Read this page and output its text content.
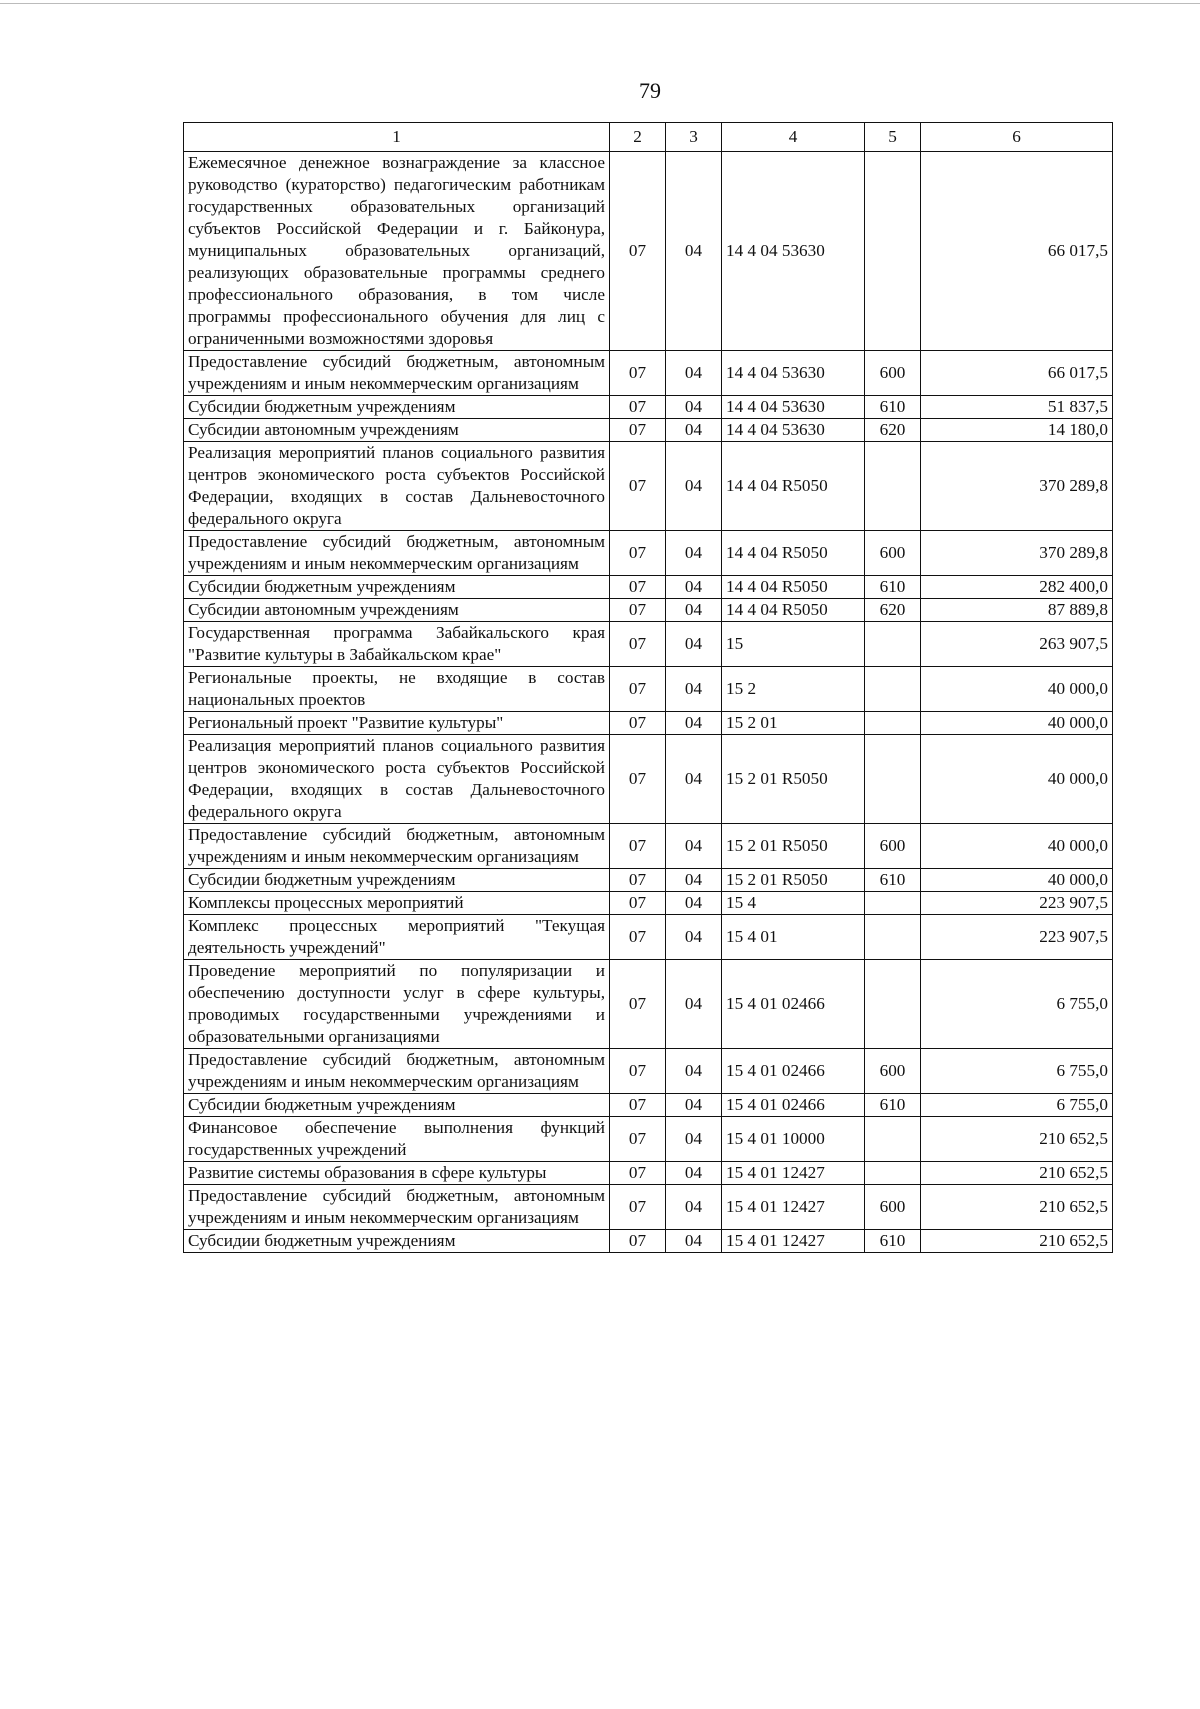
79
1	2	3	4	5	6
Ежемесячное денежное вознаграждение за классное руководство (кураторство) педагогическим работникам государственных образовательных организаций субъектов Российской Федерации и г. Байконура, муниципальных образовательных организаций, реализующих образовательные программы среднего профессионального образования, в том числе программы профессионального обучения для лиц с ограниченными возможностями здоровья	07	04	14 4 04 53630		66 017,5
Предоставление субсидий бюджетным, автономным учреждениям и иным некоммерческим организациям	07	04	14 4 04 53630	600	66 017,5
Субсидии бюджетным учреждениям	07	04	14 4 04 53630	610	51 837,5
Субсидии автономным учреждениям	07	04	14 4 04 53630	620	14 180,0
Реализация мероприятий планов социального развития центров экономического роста субъектов Российской Федерации, входящих в состав Дальневосточного федерального округа	07	04	14 4 04 R5050		370 289,8
Предоставление субсидий бюджетным, автономным учреждениям и иным некоммерческим организациям	07	04	14 4 04 R5050	600	370 289,8
Субсидии бюджетным учреждениям	07	04	14 4 04 R5050	610	282 400,0
Субсидии автономным учреждениям	07	04	14 4 04 R5050	620	87 889,8
Государственная программа Забайкальского края "Развитие культуры в Забайкальском крае"	07	04	15		263 907,5
Региональные проекты, не входящие в состав национальных проектов	07	04	15 2		40 000,0
Региональный проект "Развитие культуры"	07	04	15 2 01		40 000,0
Реализация мероприятий планов социального развития центров экономического роста субъектов Российской Федерации, входящих в состав Дальневосточного федерального округа	07	04	15 2 01 R5050		40 000,0
Предоставление субсидий бюджетным, автономным учреждениям и иным некоммерческим организациям	07	04	15 2 01 R5050	600	40 000,0
Субсидии бюджетным учреждениям	07	04	15 2 01 R5050	610	40 000,0
Комплексы процессных мероприятий	07	04	15 4		223 907,5
Комплекс процессных мероприятий "Текущая деятельность учреждений"	07	04	15 4 01		223 907,5
Проведение мероприятий по популяризации и обеспечению доступности услуг в сфере культуры, проводимых государственными учреждениями и образовательными организациями	07	04	15 4 01 02466		6 755,0
Предоставление субсидий бюджетным, автономным учреждениям и иным некоммерческим организациям	07	04	15 4 01 02466	600	6 755,0
Субсидии бюджетным учреждениям	07	04	15 4 01 02466	610	6 755,0
Финансовое обеспечение выполнения функций государственных учреждений	07	04	15 4 01 10000		210 652,5
Развитие системы образования в сфере культуры	07	04	15 4 01 12427		210 652,5
Предоставление субсидий бюджетным, автономным учреждениям и иным некоммерческим организациям	07	04	15 4 01 12427	600	210 652,5
Субсидии бюджетным учреждениям	07	04	15 4 01 12427	610	210 652,5
